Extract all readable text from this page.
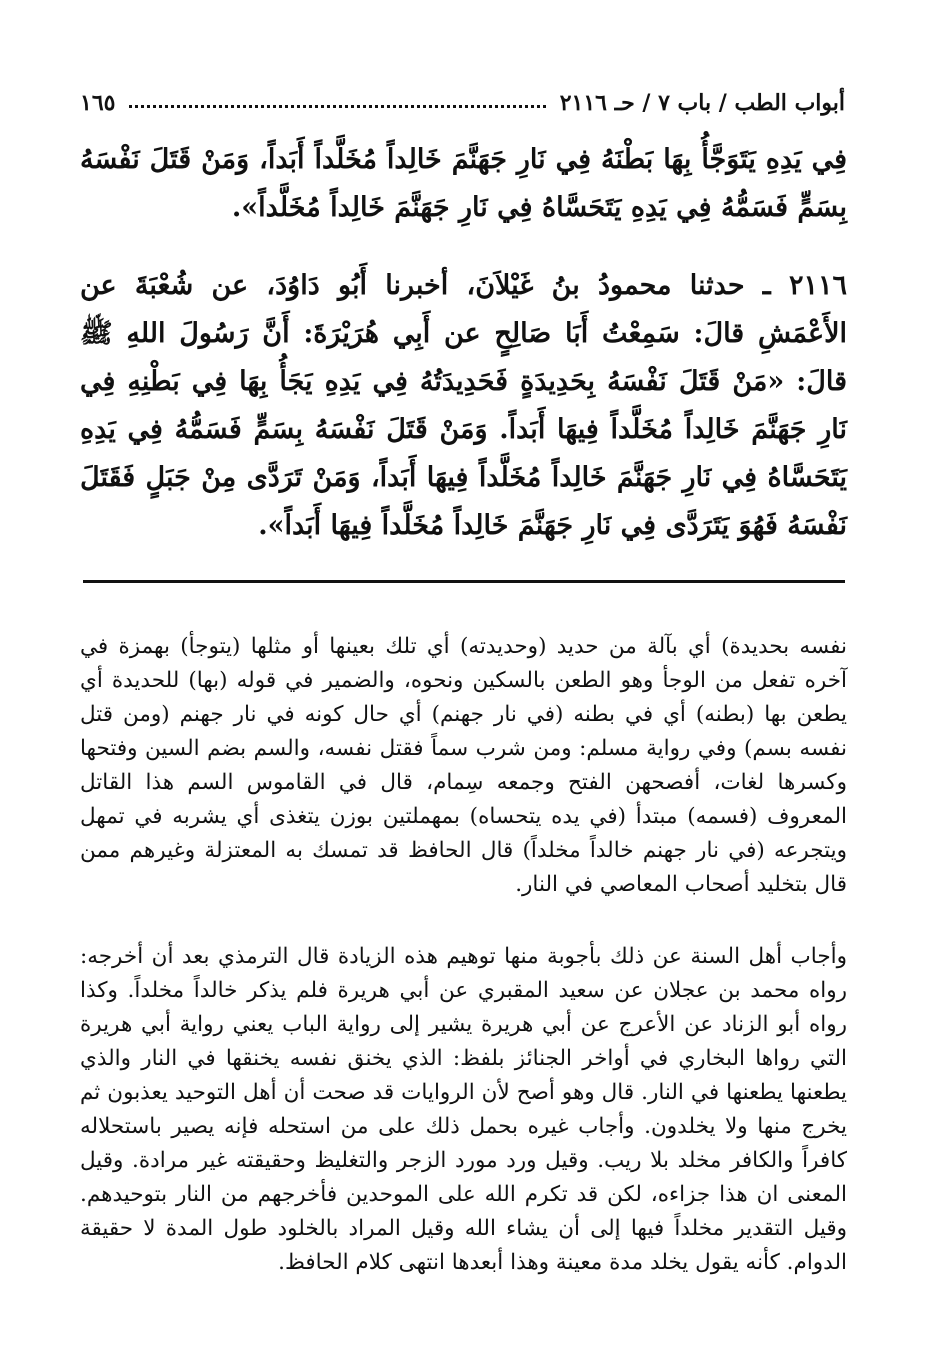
أبواب الطب / باب ٧ / حـ ٢١١٦
١٦٥

فِي يَدِهِ يَتَوَجَّأُ بِهَا بَطْنَهُ فِي نَارِ جَهَنَّمَ خَالِداً مُخَلَّداً أَبَداً، وَمَنْ قَتَلَ نَفْسَهُ بِسَمٍّ فَسَمُّهُ فِي يَدِهِ يَتَحَسَّاهُ فِي نَارِ جَهَنَّمَ خَالِداً مُخَلَّداً».

٢١١٦ ـ حدثنا محمودُ بنُ غَيْلاَنَ، أخبرنا أَبُو دَاوُدَ، عن شُعْبَةَ عن الأَعْمَشِ قالَ: سَمِعْتُ أَبَا صَالِحٍ عن أَبِي هُرَيْرَةَ: أَنَّ رَسُولَ اللهِ ﷺ قالَ: «مَنْ قَتَلَ نَفْسَهُ بِحَدِيدَةٍ فَحَدِيدَتُهُ فِي يَدِهِ يَجَأُ بِهَا فِي بَطْنِهِ فِي نَارِ جَهَنَّمَ خَالِداً مُخَلَّداً فِيهَا أَبَداً. وَمَنْ قَتَلَ نَفْسَهُ بِسَمٍّ فَسَمُّهُ فِي يَدِهِ يَتَحَسَّاهُ فِي نَارِ جَهَنَّمَ خَالِداً مُخَلَّداً فِيهَا أَبَداً، وَمَنْ تَرَدَّى مِنْ جَبَلٍ فَقَتَلَ نَفْسَهُ فَهُوَ يَتَرَدَّى فِي نَارِ جَهَنَّمَ خَالِداً مُخَلَّداً فِيهَا أَبَداً».

نفسه بحديدة) أي بآلة من حديد (وحديدته) أي تلك بعينها أو مثلها (يتوجأ) بهمزة في آخره تفعل من الوجأ وهو الطعن بالسكين ونحوه، والضمير في قوله (بها) للحديدة أي يطعن بها (بطنه) أي في بطنه (في نار جهنم) أي حال كونه في نار جهنم (ومن قتل نفسه بسم) وفي رواية مسلم: ومن شرب سماً فقتل نفسه، والسم بضم السين وفتحها وكسرها لغات، أفصحهن الفتح وجمعه سِمام، قال في القاموس السم هذا القاتل المعروف (فسمه) مبتدأ (في يده يتحساه) بمهملتين بوزن يتغذى أي يشربه في تمهل ويتجرعه (في نار جهنم خالداً مخلداً) قال الحافظ قد تمسك به المعتزلة وغيرهم ممن قال بتخليد أصحاب المعاصي في النار.

وأجاب أهل السنة عن ذلك بأجوبة منها توهيم هذه الزيادة قال الترمذي بعد أن أخرجه: رواه محمد بن عجلان عن سعيد المقبري عن أبي هريرة فلم يذكر خالداً مخلداً. وكذا رواه أبو الزناد عن الأعرج عن أبي هريرة يشير إلى رواية الباب يعني رواية أبي هريرة التي رواها البخاري في أواخر الجنائز بلفظ: الذي يخنق نفسه يخنقها في النار والذي يطعنها يطعنها في النار. قال وهو أصح لأن الروايات قد صحت أن أهل التوحيد يعذبون ثم يخرج منها ولا يخلدون. وأجاب غيره بحمل ذلك على من استحله فإنه يصير باستحلاله كافراً والكافر مخلد بلا ريب. وقيل ورد مورد الزجر والتغليظ وحقيقته غير مرادة. وقيل المعنى ان هذا جزاءه، لكن قد تكرم الله على الموحدين فأخرجهم من النار بتوحيدهم. وقيل التقدير مخلداً فيها إلى أن يشاء الله وقيل المراد بالخلود طول المدة لا حقيقة الدوام. كأنه يقول يخلد مدة معينة وهذا أبعدها انتهى كلام الحافظ.
